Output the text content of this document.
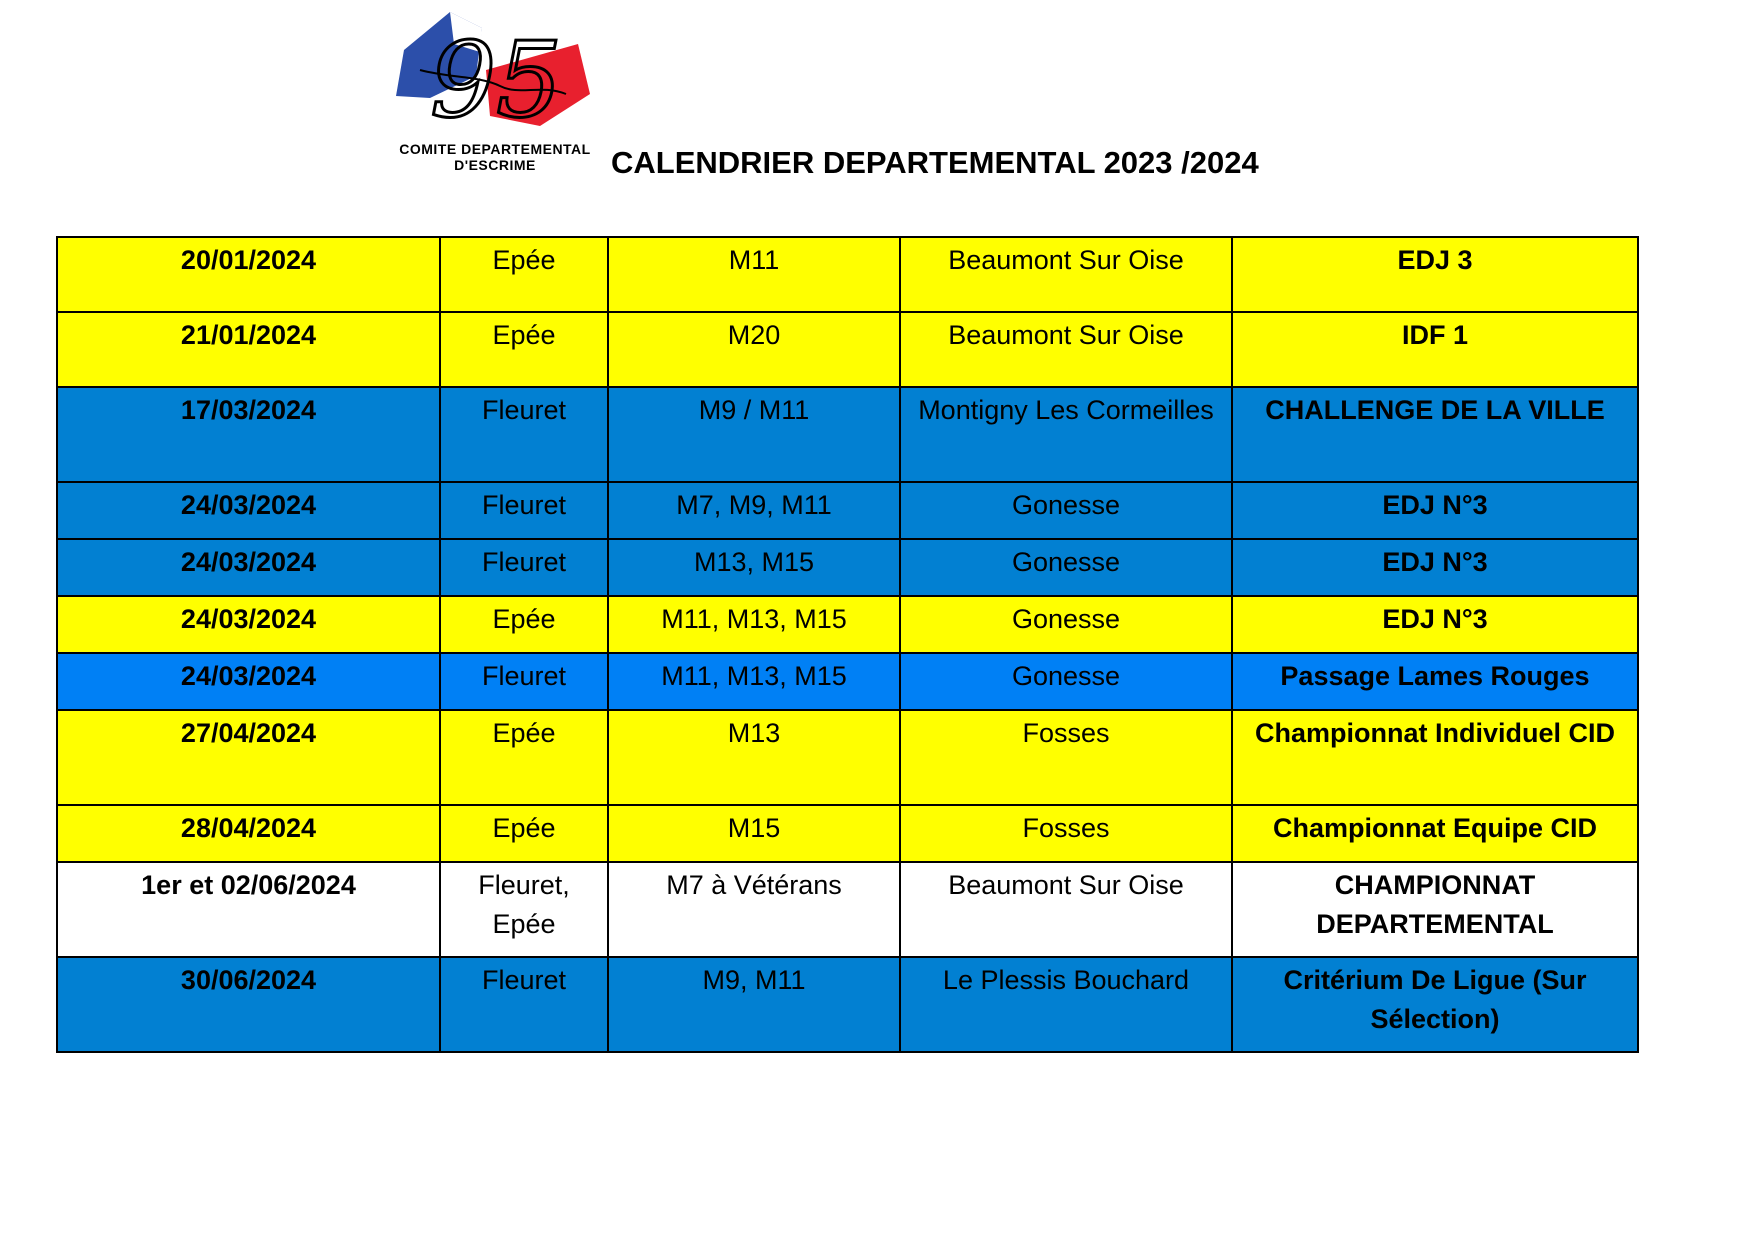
95
COMITE DEPARTEMENTAL
D'ESCRIME	CALENDRIER DEPARTEMENTAL 2023 /2024
20/01/2024	Epée	M11	Beaumont Sur Oise	EDJ 3
21/01/2024	Epée	M20	Beaumont Sur Oise	IDF 1
17/03/2024	Fleuret	M9 / M11	Montigny Les Cormeilles	CHALLENGE DE LA VILLE
24/03/2024	Fleuret	M7, M9, M11	Gonesse	EDJ N°3
24/03/2024	Fleuret	M13, M15	Gonesse	EDJ N°3
24/03/2024	Epée	M11, M13, M15	Gonesse	EDJ N°3
24/03/2024	Fleuret	M11, M13, M15	Gonesse	Passage Lames Rouges
27/04/2024	Epée	M13	Fosses	Championnat Individuel CID
28/04/2024	Epée	M15	Fosses	Championnat Equipe CID
1er et 02/06/2024	Fleuret, Epée	M7 à Vétérans	Beaumont Sur Oise	CHAMPIONNAT DEPARTEMENTAL
30/06/2024	Fleuret	M9, M11	Le Plessis Bouchard	Critérium De Ligue (Sur Sélection)
